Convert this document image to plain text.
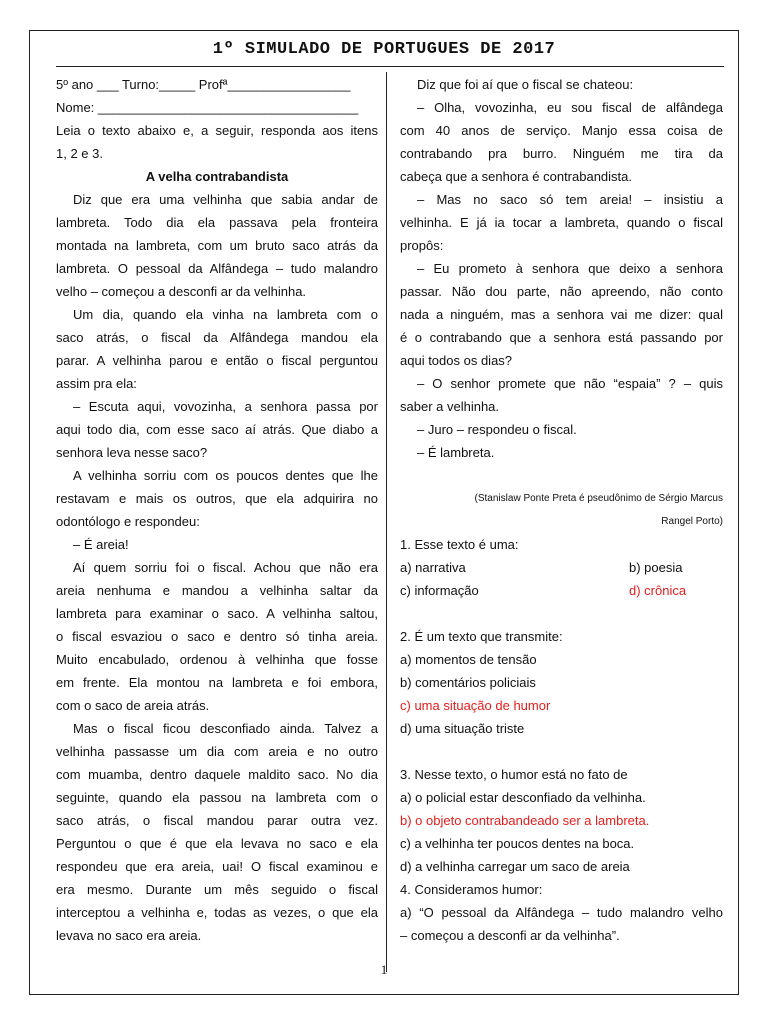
1º SIMULADO DE PORTUGUES DE 2017
5º ano ___ Turno:_____ Profª_________________
Nome: ____________________________________
Leia o texto abaixo e, a seguir, responda aos itens
1, 2 e 3.
A velha contrabandista
Diz que era uma velhinha que sabia andar de
lambreta. Todo dia ela passava pela fronteira
montada na lambreta, com um bruto saco atrás da
lambreta. O pessoal da Alfândega – tudo malandro
velho – começou a desconfi ar da velhinha.
Um dia, quando ela vinha na lambreta com o
saco atrás, o fiscal da Alfândega mandou ela
parar. A velhinha parou e então o fiscal perguntou
assim pra ela:
– Escuta aqui, vovozinha, a senhora passa por
aqui todo dia, com esse saco aí atrás. Que diabo a
senhora leva nesse saco?
A velhinha sorriu com os poucos dentes que lhe
restavam e mais os outros, que ela adquirira no
odontólogo e respondeu:
– É areia!
Aí quem sorriu foi o fiscal. Achou que não era
areia nenhuma e mandou a velhinha saltar da
lambreta para examinar o saco. A velhinha saltou,
o fiscal esvaziou o saco e dentro só tinha areia.
Muito encabulado, ordenou à velhinha que fosse
em frente. Ela montou na lambreta e foi embora,
com o saco de areia atrás.
Mas o fiscal ficou desconfiado ainda. Talvez a
velhinha passasse um dia com areia e no outro
com muamba, dentro daquele maldito saco. No dia
seguinte, quando ela passou na lambreta com o
saco atrás, o fiscal mandou parar outra vez.
Perguntou o que é que ela levava no saco e ela
respondeu que era areia, uai! O fiscal examinou e
era mesmo. Durante um mês seguido o fiscal
interceptou a velhinha e, todas as vezes, o que ela
levava no saco era areia.
Diz que foi aí que o fiscal se chateou:
– Olha, vovozinha, eu sou fiscal de alfândega
com 40 anos de serviço. Manjo essa coisa de
contrabando pra burro. Ninguém me tira da
cabeça que a senhora é contrabandista.
– Mas no saco só tem areia! – insistiu a
velhinha. E já ia tocar a lambreta, quando o fiscal
propôs:
– Eu prometo à senhora que deixo a senhora
passar. Não dou parte, não apreendo, não conto
nada a ninguém, mas a senhora vai me dizer: qual
é o contrabando que a senhora está passando por
aqui todos os dias?
– O senhor promete que não “espaia” ? – quis
saber a velhinha.
– Juro – respondeu o fiscal.
– É lambreta.
(Stanislaw Ponte Preta é pseudônimo de Sérgio Marcus
Rangel Porto)
1. Esse texto é uma:
a) narrativa	b) poesia
c) informação	d) crônica
2. É um texto que transmite:
a) momentos de tensão
b) comentários policiais
c) uma situação de humor
d) uma situação triste
3. Nesse texto, o humor está no fato de
a) o policial estar desconfiado da velhinha.
b) o objeto contrabandeado ser a lambreta.
c) a velhinha ter poucos dentes na boca.
d) a velhinha carregar um saco de areia
4. Consideramos humor:
a) “O pessoal da Alfândega – tudo malandro velho
– começou a desconfi ar da velhinha”.
1
